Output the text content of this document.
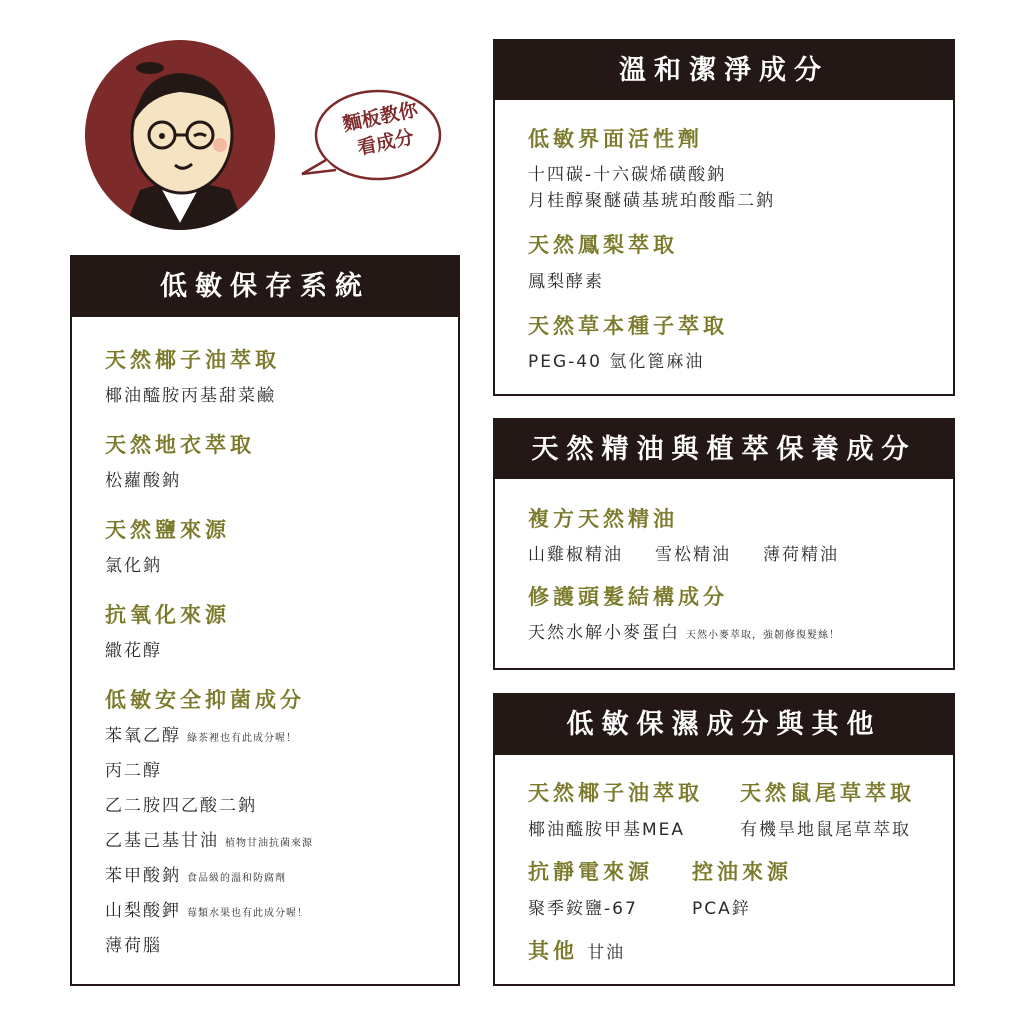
麵板教你
看成分
低敏保存系統
天然椰子油萃取
椰油醯胺丙基甜菜鹼
天然地衣萃取
松蘿酸鈉
天然鹽來源
氯化鈉
抗氧化來源
繖花醇
低敏安全抑菌成分
苯氧乙醇 綠茶裡也有此成分喔！
丙二醇
乙二胺四乙酸二鈉
乙基己基甘油 植物甘油抗菌來源
苯甲酸鈉 食品級的溫和防腐劑
山梨酸鉀 莓類水果也有此成分喔！
薄荷腦
溫和潔淨成分
低敏界面活性劑
十四碳-十六碳烯磺酸鈉
月桂醇聚醚磺基琥珀酸酯二鈉
天然鳳梨萃取
鳳梨酵素
天然草本種子萃取
PEG-40 氫化篦麻油
天然精油與植萃保養成分
複方天然精油
山雞椒精油 雪松精油 薄荷精油
修護頭髮結構成分
天然水解小麥蛋白 天然小麥萃取，強韌修復髮絲！
低敏保濕成分與其他
天然椰子油萃取 天然鼠尾草萃取
椰油醯胺甲基MEA	有機旱地鼠尾草萃取
抗靜電來源 控油來源
聚季銨鹽-67	PCA鋅
其他 甘油
